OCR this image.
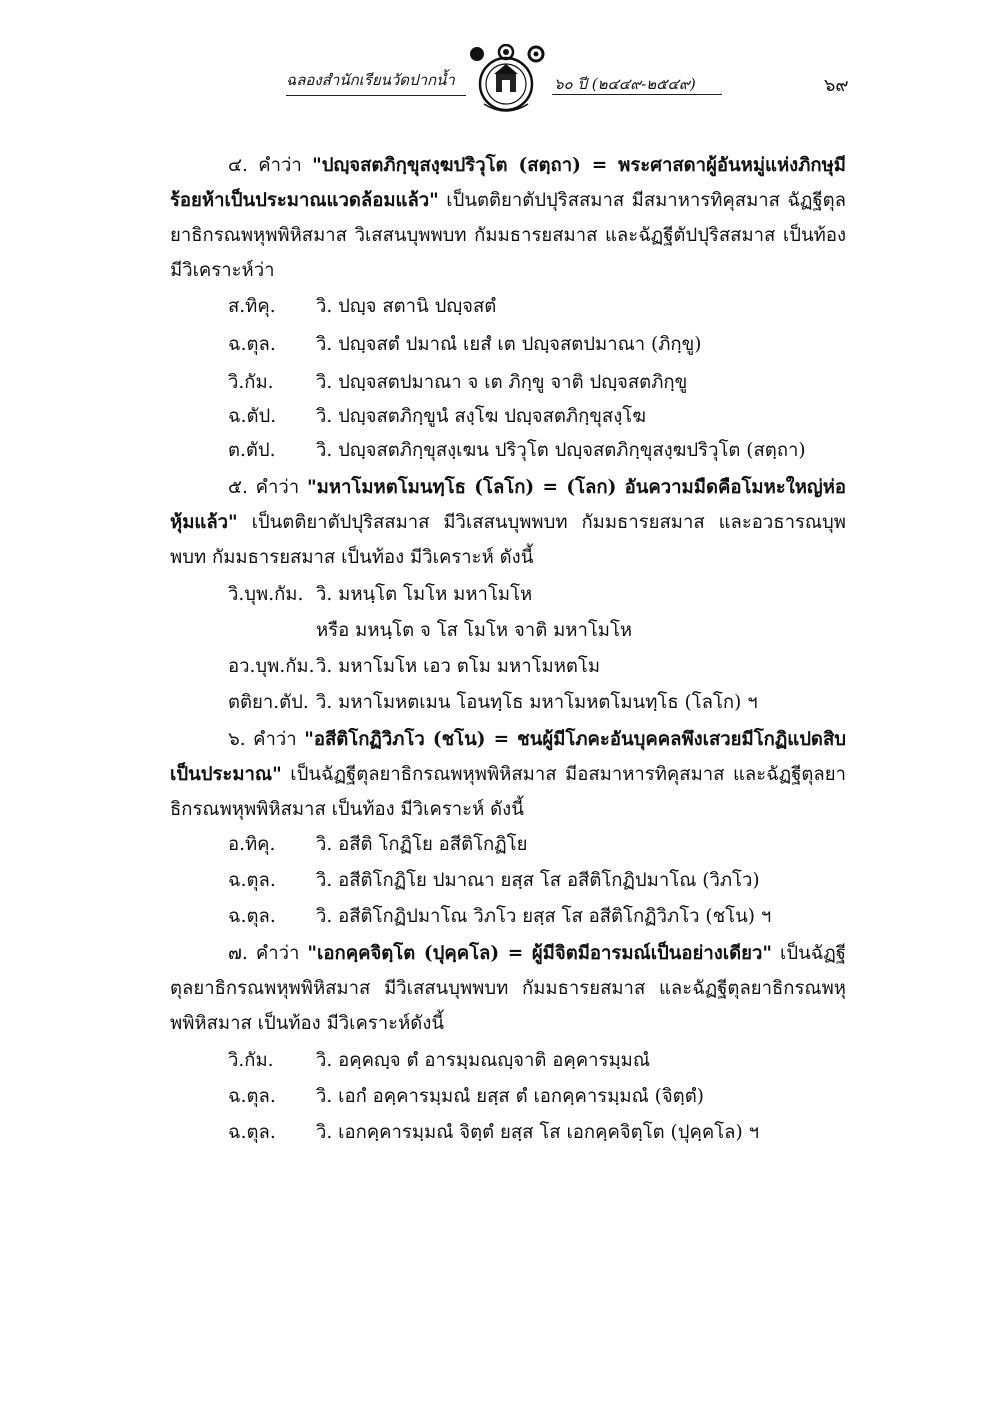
ฉลองสำนักเรียนวัดปากน้ำ	๖๐ ปี (๒๔๔๙-๒๕๔๙)	๖๙
๔. คำว่า "ปญฺจสตภิกฺขุสงฺฆปริวุโต (สตฺถา) = พระศาสดาผู้อันหมู่แห่งภิกษุมีร้อยห้าเป็นประมาณแวดล้อมแล้ว" เป็นตติยาตัปปุริสสมาส มีสมาหารทิคุสมาส ฉัฏฐีตุลยาธิกรณพหุพพิหิสมาส วิเสสนบุพพบท กัมมธารยสมาส และฉัฏฐีตัปปุริสสมาส เป็นท้อง มีวิเคราะห์ว่า
ส.ทิคุ. วิ. ปญฺจ สตานิ ปญฺจสตํ
ฉ.ตุล. วิ. ปญฺจสตํ ปมาณํ เยสํ เต ปญฺจสตปมาณา (ภิกฺขู)
วิ.กัม. วิ. ปญฺจสตปมาณา จ เต ภิกฺขู จาติ ปญฺจสตภิกฺขู
ฉ.ตัป. วิ. ปญฺจสตภิกฺขูนํ สงฺโฆ ปญฺจสตภิกฺขุสงฺโฆ
ต.ตัป. วิ. ปญฺจสตภิกฺขุสงฺเฆน ปริวุโต ปญฺจสตภิกฺขุสงฺฆปริวุโต (สตฺถา)
๕. คำว่า "มหาโมหตโมนทฺโธ (โลโก) = (โลก) อันความมืดคือโมหะใหญ่ห่อหุ้มแล้ว" เป็นตติยาตัปปุริสสมาส มีวิเสสนบุพพบท กัมมธารยสมาส และอวธารณบุพพบท กัมมธารยสมาส เป็นท้อง มีวิเคราะห์ ดังนี้
วิ.บุพ.กัม. วิ. มหนฺโต โมโห มหาโมโห
หรือ มหนฺโต จ โส โมโห จาติ มหาโมโห
อว.บุพ.กัม. วิ. มหาโมโห เอว ตโม มหาโมหตโม
ตติยา.ตัป. วิ. มหาโมหตเมน โอนทฺโธ มหาโมหตโมนทฺโธ (โลโก) ฯ
๖. คำว่า "อสีติโกฏิวิภโว (ชโน) = ชนผู้มีโภคะอันบุคคลพึงเสวยมีโกฏิแปดสิบเป็นประมาณ" เป็นฉัฏฐีตุลยาธิกรณพหุพพิหิสมาส มีอสมาหารทิคุสมาส และฉัฏฐีตุลยาธิกรณพหุพพิหิสมาส เป็นท้อง มีวิเคราะห์ ดังนี้
อ.ทิคุ. วิ. อสีติ โกฏิโย อสีติโกฏิโย
ฉ.ตุล. วิ. อสีติโกฏิโย ปมาณา ยสฺส โส อสีติโกฏิปมาโณ (วิภโว)
ฉ.ตุล. วิ. อสีติโกฏิปมาโณ วิภโว ยสฺส โส อสีติโกฏิวิภโว (ชโน) ฯ
๗. คำว่า "เอกคฺคจิตฺโต (ปุคฺคโล) = ผู้มีจิตมีอารมณ์เป็นอย่างเดียว" เป็นฉัฏฐีตุลยาธิกรณพหุพพิหิสมาส มีวิเสสนบุพพบท กัมมธารยสมาส และฉัฏฐีตุลยาธิกรณพหุพพิหิสมาส เป็นท้อง มีวิเคราะห์ดังนี้
วิ.กัม. วิ. อคฺคญฺจ ตํ อารมฺมณญฺจาติ อคฺคารมฺมณํ
ฉ.ตุล. วิ. เอกํ อคฺคารมฺมณํ ยสฺส ตํ เอกคฺคารมฺมณํ (จิตฺตํ)
ฉ.ตุล. วิ. เอกคฺคารมฺมณํ จิตฺตํ ยสฺส โส เอกคฺคจิตฺโต (ปุคฺคโล) ฯ
